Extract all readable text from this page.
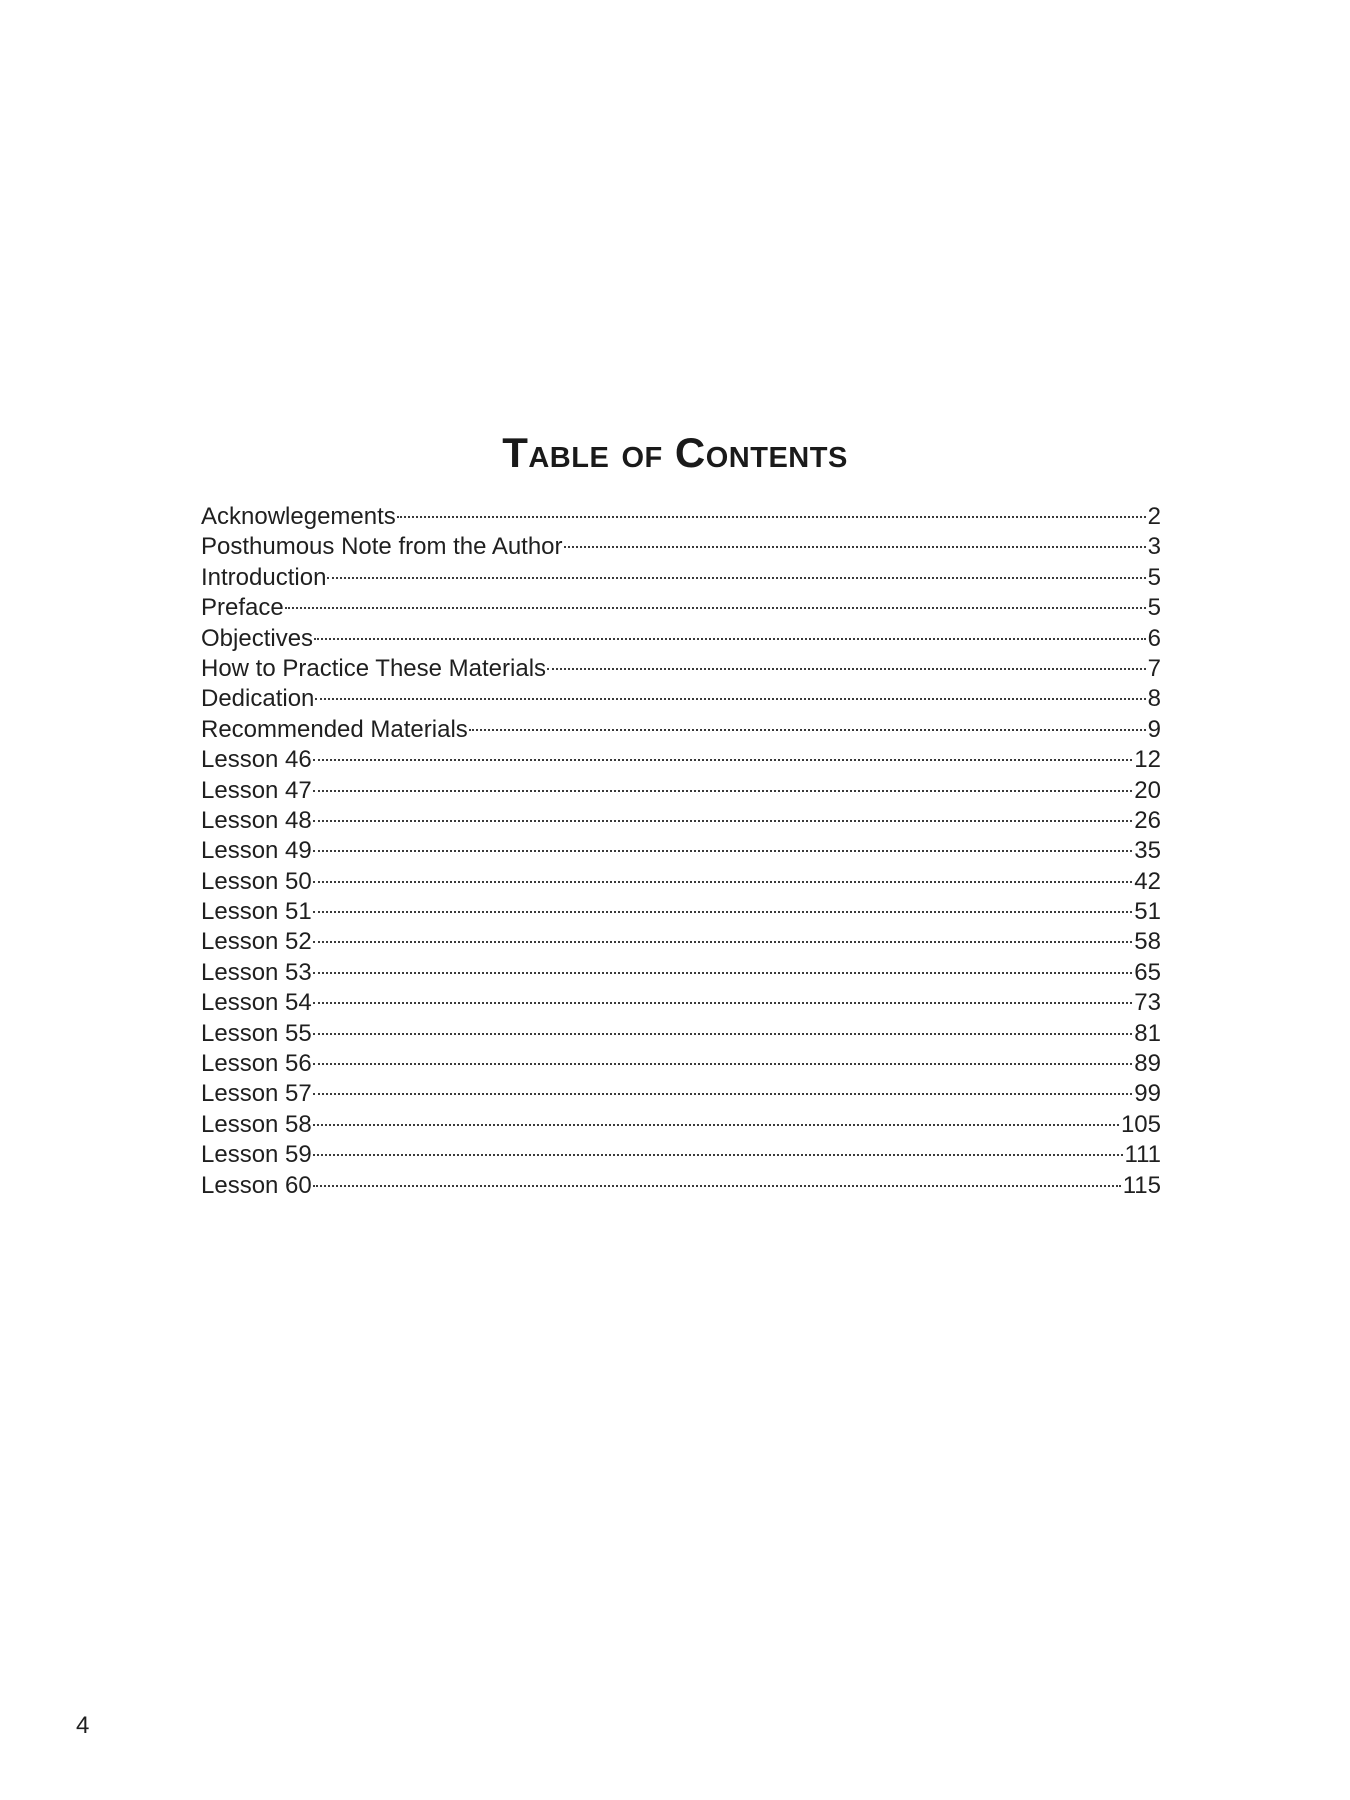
Table of Contents
Acknowlegements	2
Posthumous Note from the Author	3
Introduction	5
Preface	5
Objectives	6
How to Practice These Materials	7
Dedication	8
Recommended Materials	9
Lesson 46	12
Lesson 47	20
Lesson 48	26
Lesson 49	35
Lesson 50	42
Lesson 51	51
Lesson 52	58
Lesson 53	65
Lesson 54	73
Lesson 55	81
Lesson 56	89
Lesson 57	99
Lesson 58	105
Lesson 59	111
Lesson 60	115
4
